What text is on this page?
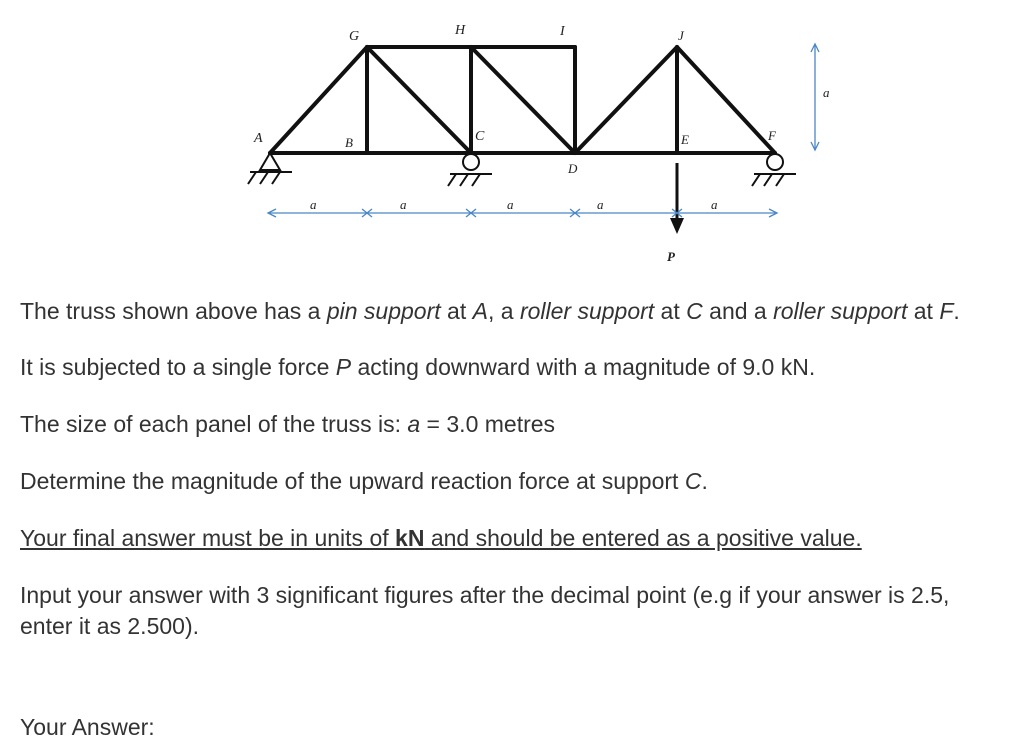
A	B	C
D
E	F
G	H	I	J
a	a	a	a	a
a
P

The truss shown above has a pin support at A, a roller support at C and a roller support at F.

It is subjected to a single force P acting downward with a magnitude of 9.0 kN.

The size of each panel of the truss is: a = 3.0 metres

Determine the magnitude of the upward reaction force at support C.

Your final answer must be in units of kN and should be entered as a positive value.

Input your answer with 3 significant figures after the decimal point (e.g if your answer is 2.5, enter it as 2.500).

Your Answer:
